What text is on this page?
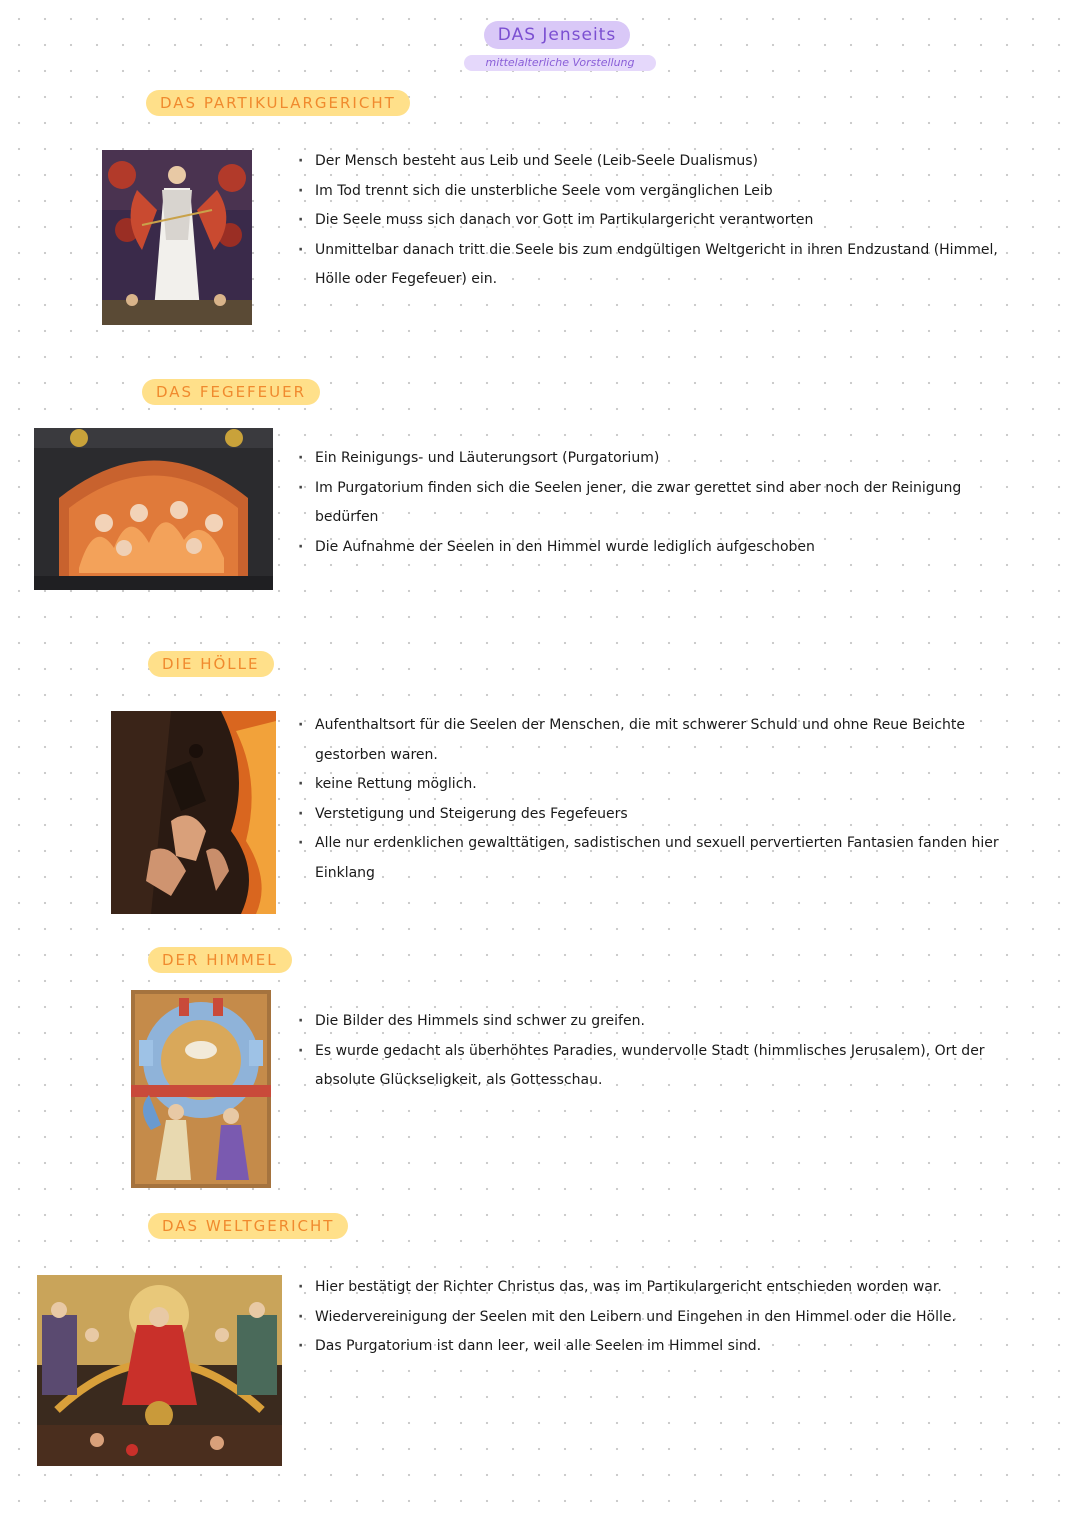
DAS Jenseits
mittelalterliche Vorstellung
DAS PARTIKULARGERICHT
· Der Mensch besteht aus Leib und Seele (Leib-Seele Dualismus)
· Im Tod trennt sich die unsterbliche Seele vom vergänglichen Leib
· Die Seele muss sich danach vor Gott im Partikulargericht verantworten
· Unmittelbar danach tritt die Seele bis zum endgültigen Weltgericht in ihren Endzustand (Himmel, Hölle oder Fegefeuer) ein.
DAS FEGEFEUER
· Ein Reinigungs- und Läuterungsort (Purgatorium)
· Im Purgatorium finden sich die Seelen jener, die zwar gerettet sind aber noch der Reinigung bedürfen
· Die Aufnahme der Seelen in den Himmel wurde lediglich aufgeschoben
DIE HÖLLE
· Aufenthaltsort für die Seelen der Menschen, die mit schwerer Schuld und ohne Reue Beichte gestorben waren.
· keine Rettung möglich.
· Verstetigung und Steigerung des Fegefeuers
· Alle nur erdenklichen gewalttätigen, sadistischen und sexuell pervertierten Fantasien fanden hier Einklang
DER HIMMEL
· Die Bilder des Himmels sind schwer zu greifen.
· Es wurde gedacht als überhöhtes Paradies, wundervolle Stadt (himmlisches Jerusalem), Ort der absolute Glückseligkeit, als Gottesschau.
DAS WELTGERICHT
· Hier bestätigt der Richter Christus das, was im Partikulargericht entschieden worden war.
· Wiedervereinigung der Seelen mit den Leibern und Eingehen in den Himmel oder die Hölle.
· Das Purgatorium ist dann leer, weil alle Seelen im Himmel sind.
